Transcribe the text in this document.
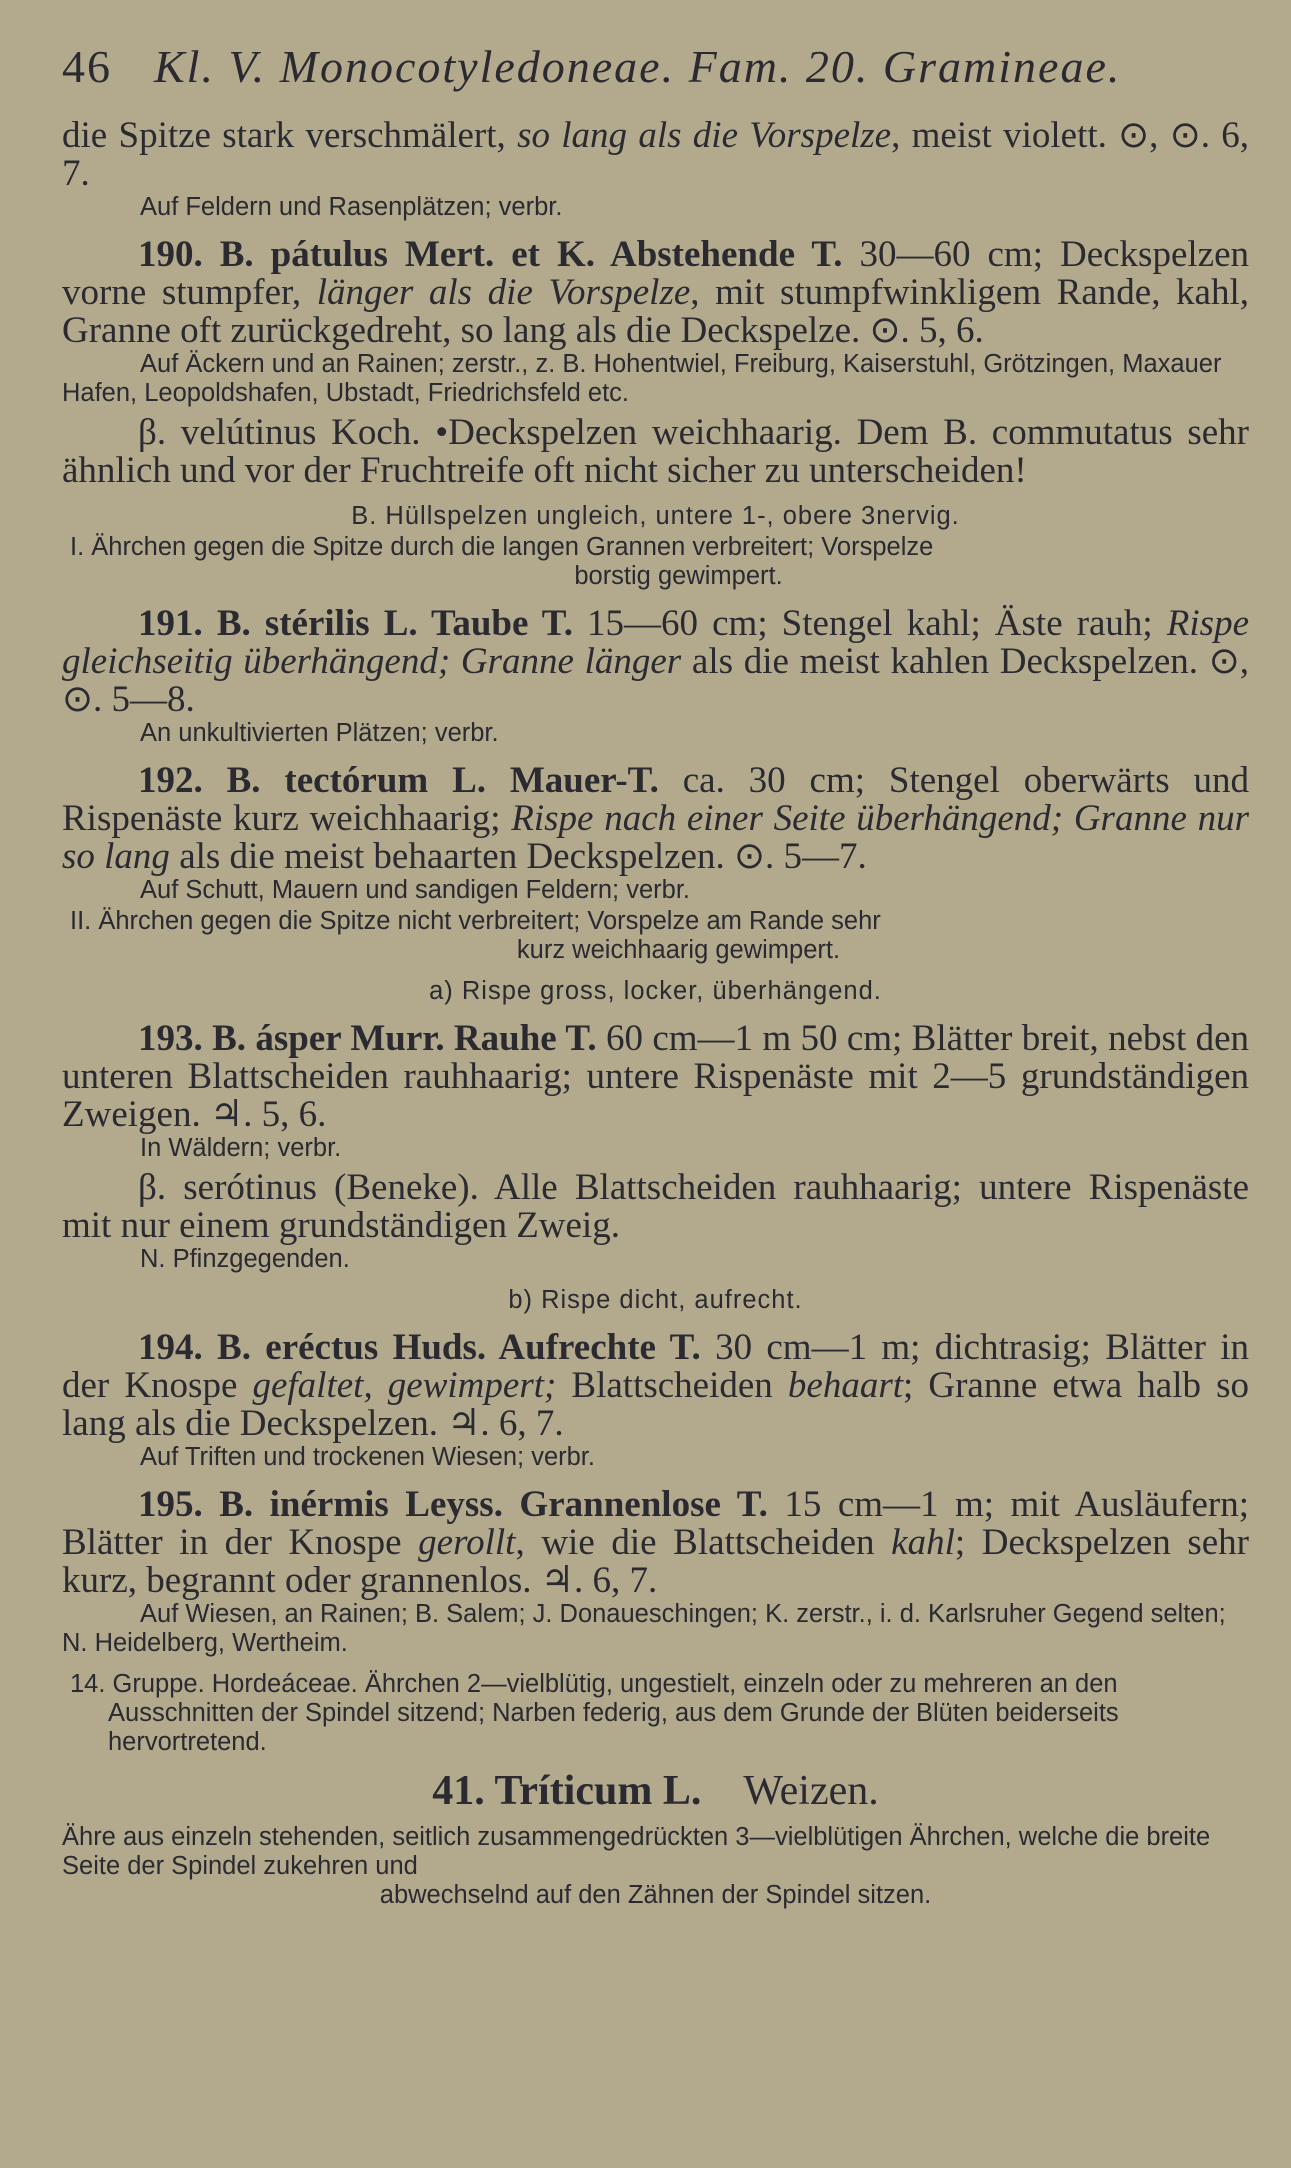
46 Kl. V. Monocotyledoneae. Fam. 20. Gramineae.

die Spitze stark verschmälert, so lang als die Vorspelze, meist violett. ⊙, ⊙. 6, 7.

Auf Feldern und Rasenplätzen; verbr.

190. B. pátulus Mert. et K. Abstehende T. 30—60 cm; Deckspelzen vorne stumpfer, länger als die Vorspelze, mit stumpfwinkligem Rande, kahl, Granne oft zurückgedreht, so lang als die Deckspelze. ⊙. 5, 6.

Auf Äckern und an Rainen; zerstr., z. B. Hohentwiel, Freiburg, Kaiserstuhl, Grötzingen, Maxauer Hafen, Leopoldshafen, Ubstadt, Friedrichsfeld etc.

β. velútinus Koch. •Deckspelzen weichhaarig. Dem B. commutatus sehr ähnlich und vor der Fruchtreife oft nicht sicher zu unterscheiden!

B. Hüllspelzen ungleich, untere 1-, obere 3nervig.

I. Ährchen gegen die Spitze durch die langen Grannen verbreitert; Vorspelze
borstig gewimpert.

191. B. stérilis L. Taube T. 15—60 cm; Stengel kahl; Äste rauh; Rispe gleichseitig überhängend; Granne länger als die meist kahlen Deckspelzen. ⊙, ⊙. 5—8.

An unkultivierten Plätzen; verbr.

192. B. tectórum L. Mauer-T. ca. 30 cm; Stengel oberwärts und Rispenäste kurz weichhaarig; Rispe nach einer Seite überhängend; Granne nur so lang als die meist behaarten Deckspelzen. ⊙. 5—7.

Auf Schutt, Mauern und sandigen Feldern; verbr.

II. Ährchen gegen die Spitze nicht verbreitert; Vorspelze am Rande sehr
kurz weichhaarig gewimpert.

a) Rispe gross, locker, überhängend.

193. B. ásper Murr. Rauhe T. 60 cm—1 m 50 cm; Blätter breit, nebst den unteren Blattscheiden rauhhaarig; untere Rispenäste mit 2—5 grundständigen Zweigen. ♃. 5, 6.

In Wäldern; verbr.

β. serótinus (Beneke). Alle Blattscheiden rauhhaarig; untere Rispenäste mit nur einem grundständigen Zweig.

N. Pfinzgegenden.

b) Rispe dicht, aufrecht.

194. B. eréctus Huds. Aufrechte T. 30 cm—1 m; dichtrasig; Blätter in der Knospe gefaltet, gewimpert; Blattscheiden behaart; Granne etwa halb so lang als die Deckspelzen. ♃. 6, 7.

Auf Triften und trockenen Wiesen; verbr.

195. B. inérmis Leyss. Grannenlose T. 15 cm—1 m; mit Ausläufern; Blätter in der Knospe gerollt, wie die Blattscheiden kahl; Deckspelzen sehr kurz, begrannt oder grannenlos. ♃. 6, 7.

Auf Wiesen, an Rainen; B. Salem; J. Donaueschingen; K. zerstr., i. d. Karlsruher Gegend selten; N. Heidelberg, Wertheim.

14. Gruppe. Hordeáceae. Ährchen 2—vielblütig, ungestielt, einzeln oder zu mehreren an den Ausschnitten der Spindel sitzend; Narben federig, aus dem Grunde der Blüten beiderseits hervortretend.

41. Tríticum L. Weizen.

Ähre aus einzeln stehenden, seitlich zusammengedrückten 3—vielblütigen Ährchen, welche die breite Seite der Spindel zukehren und
abwechselnd auf den Zähnen der Spindel sitzen.
